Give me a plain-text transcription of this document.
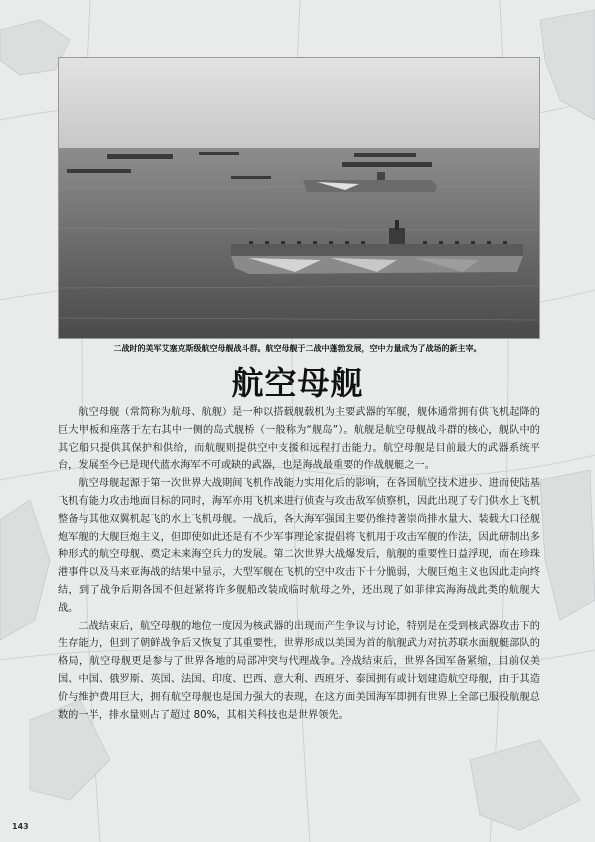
二战时的美军艾塞克斯级航空母舰战斗群。航空母舰于二战中蓬勃发展，空中力量成为了战场的新主宰。
航空母舰

航空母舰（常简称为航母、航舰）是一种以搭载舰载机为主要武器的军舰，舰体通常拥有供飞机起降的巨大甲板和座落于左右其中一侧的岛式舰桥（一般称为“舰岛”）。航舰是航空母舰战斗群的核心，舰队中的其它船只提供其保护和供给，而航舰则提供空中支援和远程打击能力。航空母舰是目前最大的武器系统平台，发展至今已是现代蓝水海军不可或缺的武器，也是海战最重要的作战舰艇之一。

航空母舰起源于第一次世界大战期间飞机作战能力实用化后的影响，在各国航空技术进步、进而使陆基飞机有能力攻击地面目标的同时，海军亦用飞机来进行侦查与攻击敌军侦察机，因此出现了专门供水上飞机整备与其他双翼机起飞的水上飞机母舰。一战后，各大海军强国主要仍维持著崇尚排水量大、装载大口径舰炮军舰的大舰巨炮主义，但即使如此还是有不少军事理论家提倡将飞机用于攻击军舰的作法，因此研制出多种形式的航空母舰、奠定未来海空兵力的发展。第二次世界大战爆发后，航舰的重要性日益浮现，而在珍珠港事件以及马来亚海战的结果中显示，大型军舰在飞机的空中攻击下十分脆弱，大舰巨炮主义也因此走向终结，到了战争后期各国不但赶紧将许多舰船改装成临时航母之外，还出现了如菲律宾海海战此类的航舰大战。

二战结束后，航空母舰的地位一度因为核武器的出现而产生争议与讨论，特别是在受到核武器攻击下的生存能力，但到了朝鲜战争后又恢复了其重要性，世界形成以美国为首的航舰武力对抗苏联水面舰艇部队的格局，航空母舰更是参与了世界各地的局部冲突与代理战争。冷战结束后，世界各国军备紧缩，目前仅美国、中国、俄罗斯、英国、法国、印度、巴西、意大利、西班牙、泰国拥有或计划建造航空母舰，由于其造价与维护费用巨大，拥有航空母舰也是国力强大的表现，在这方面美国海军即拥有世界上全部已服役航舰总数的一半，排水量则占了超过 80%，其相关科技也是世界领先。

143
